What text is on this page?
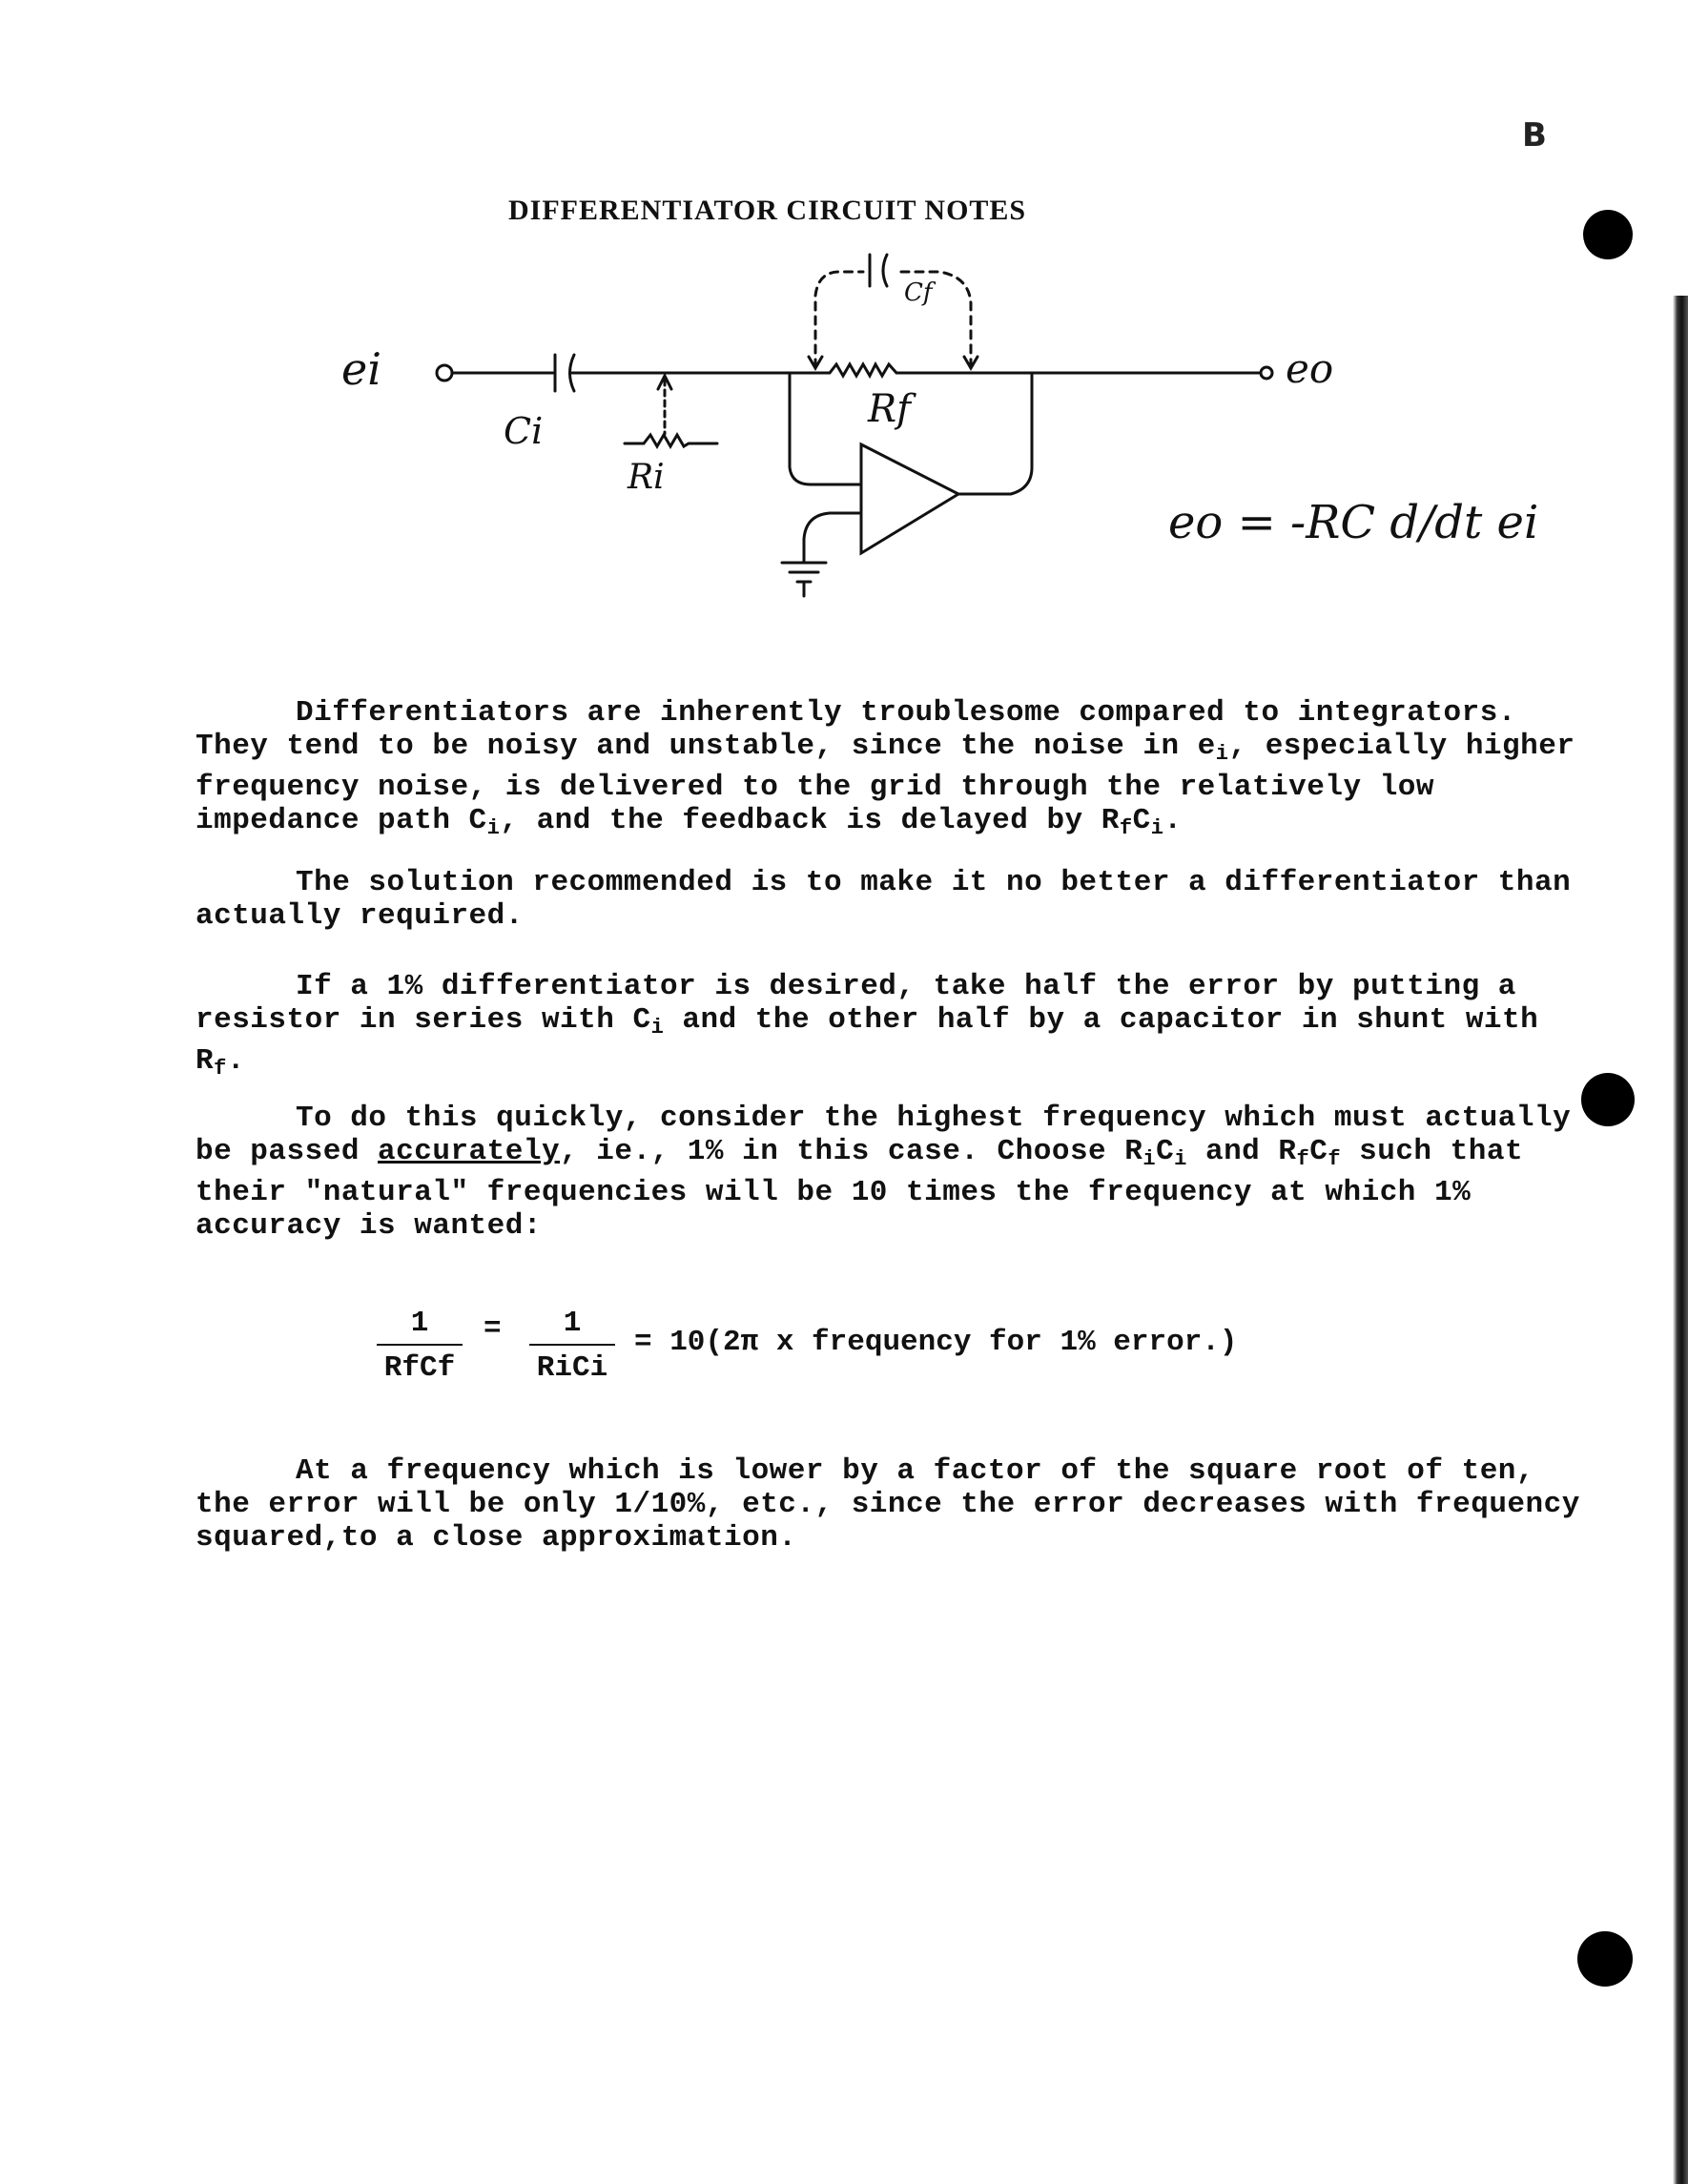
B
DIFFERENTIATOR CIRCUIT NOTES
ei	eo
Ci
Ri
Rf
Cf
eo = -RC d/dt ei
Differentiators are inherently troublesome compared to integrators. They tend to be noisy and unstable, since the noise in $e_i$, especially higher frequency noise, is delivered to the grid through the relatively low impedance path $C_i$, and the feedback is delayed by $R_fC_i$.
The solution recommended is to make it no better a differentiator than actually required.
If a 1% differentiator is desired, take half the error by putting a resistor in series with $C_i$ and the other half by a capacitor in shunt with $R_f$.
To do this quickly, consider the highest frequency which must actually be passed accurately, ie., 1% in this case. Choose $R_iC_i$ and $R_fC_f$ such that their "natural" frequencies will be 10 times the frequency at which 1% accuracy is wanted:
1
RfCf
=	1
RiCi
= 10(2π x frequency for 1% error.)
At a frequency which is lower by a factor of the square root of ten, the error will be only 1/10%, etc., since the error decreases with frequency squared,to a close approximation.
